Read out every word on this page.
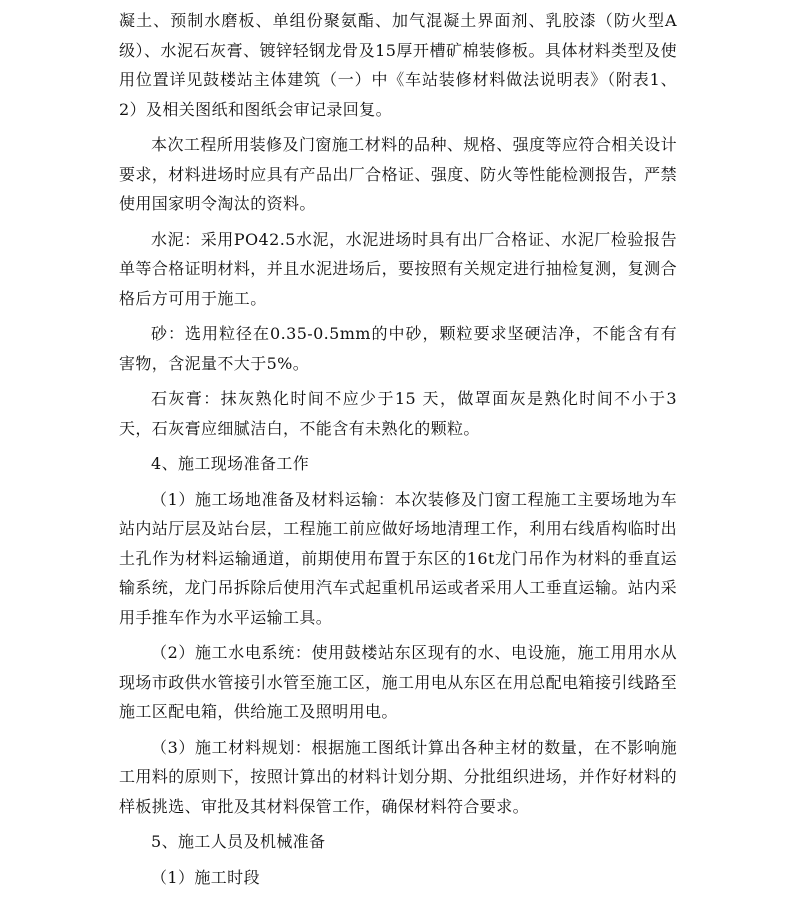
凝土、预制水磨板、单组份聚氨酯、加气混凝土界面剂、乳胶漆（防火型A级）、水泥石灰膏、镀锌轻钢龙骨及15厚开槽矿棉装修板。具体材料类型及使用位置详见鼓楼站主体建筑（一）中《车站装修材料做法说明表》（附表1、2）及相关图纸和图纸会审记录回复。

本次工程所用装修及门窗施工材料的品种、规格、强度等应符合相关设计要求，材料进场时应具有产品出厂合格证、强度、防火等性能检测报告，严禁使用国家明令淘汰的资料。

水泥：采用PO42.5水泥，水泥进场时具有出厂合格证、水泥厂检验报告单等合格证明材料，并且水泥进场后，要按照有关规定进行抽检复测，复测合格后方可用于施工。

砂：选用粒径在0.35-0.5mm的中砂，颗粒要求坚硬洁净，不能含有有害物，含泥量不大于5%。

石灰膏：抹灰熟化时间不应少于15 天，做罩面灰是熟化时间不小于3天，石灰膏应细腻洁白，不能含有未熟化的颗粒。

4、施工现场准备工作

（1）施工场地准备及材料运输：本次装修及门窗工程施工主要场地为车站内站厅层及站台层，工程施工前应做好场地清理工作，利用右线盾构临时出土孔作为材料运输通道，前期使用布置于东区的16t龙门吊作为材料的垂直运输系统，龙门吊拆除后使用汽车式起重机吊运或者采用人工垂直运输。站内采用手推车作为水平运输工具。

（2）施工水电系统：使用鼓楼站东区现有的水、电设施，施工用用水从现场市政供水管接引水管至施工区，施工用电从东区在用总配电箱接引线路至施工区配电箱，供给施工及照明用电。

（3）施工材料规划：根据施工图纸计算出各种主材的数量，在不影响施工用料的原则下，按照计算出的材料计划分期、分批组织进场，并作好材料的样板挑选、审批及其材料保管工作，确保材料符合要求。

5、施工人员及机械准备

（1）施工时段
